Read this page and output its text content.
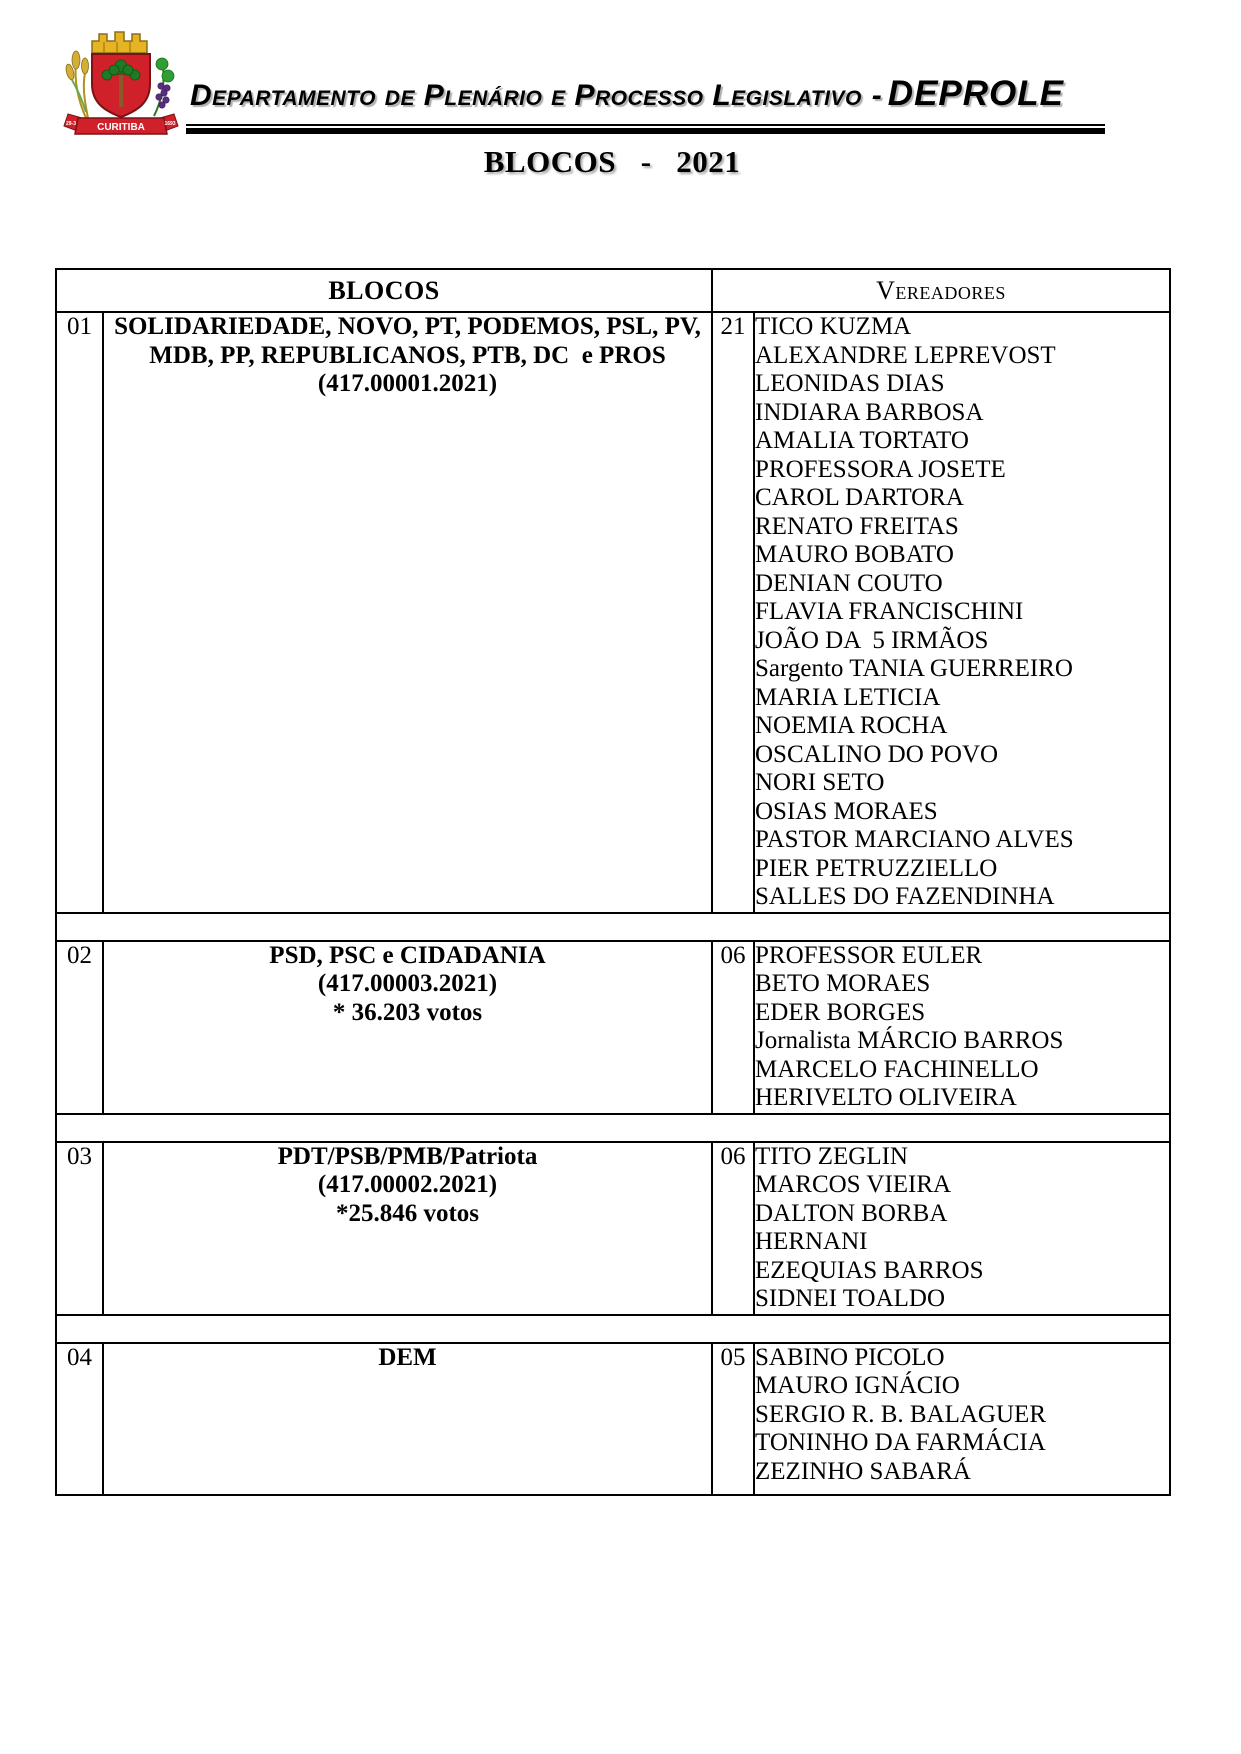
CURITIBA
29-3	1693
Departamento de Plenário e Processo Legislativo - DEPROLE
BLOCOS   -   2021
BLOCOS		Vereadores	
01	SOLIDARIEDADE, NOVO, PT, PODEMOS, PSL, PV,
MDB, PP, REPUBLICANOS, PTB, DC  e PROS
(417.00001.2021)
	21	TICO KUZMA
ALEXANDRE LEPREVOST
LEONIDAS DIAS
INDIARA BARBOSA
AMALIA TORTATO
PROFESSORA JOSETE
CAROL DARTORA
RENATO FREITAS
MAURO BOBATO
DENIAN COUTO
FLAVIA FRANCISCHINI
JOÃO DA  5 IRMÃOS
Sargento TANIA GUERREIRO
MARIA LETICIA
NOEMIA ROCHA
OSCALINO DO POVO
NORI SETO
OSIAS MORAES
PASTOR MARCIANO ALVES
PIER PETRUZZIELLO
SALLES DO FAZENDINHA

02	PSD, PSC e CIDADANIA
(417.00003.2021)
* 36.203 votos
	06	PROFESSOR EULER
BETO MORAES
EDER BORGES
Jornalista MÁRCIO BARROS
MARCELO FACHINELLO
HERIVELTO OLIVEIRA

03	PDT/PSB/PMB/Patriota
(417.00002.2021)
*25.846 votos
	06	TITO ZEGLIN
MARCOS VIEIRA
DALTON BORBA
HERNANI
EZEQUIAS BARROS
SIDNEI TOALDO

04	DEM	05	SABINO PICOLO
MAURO IGNÁCIO
SERGIO R. B. BALAGUER
TONINHO DA FARMÁCIA
ZEZINHO SABARÁ
